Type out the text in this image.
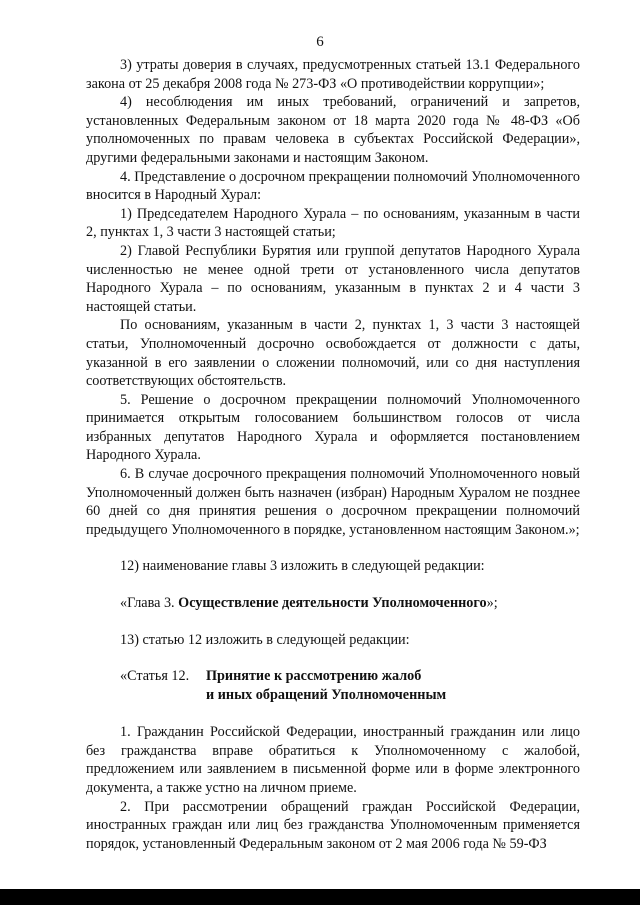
6

3) утраты доверия в случаях, предусмотренных статьей 13.1 Федерального закона от 25 декабря 2008 года № 273-ФЗ «О противодействии коррупции»;

4) несоблюдения им иных требований, ограничений и запретов, установленных Федеральным законом от 18 марта 2020 года № 48-ФЗ «Об уполномоченных по правам человека в субъектах Российской Федерации», другими федеральными законами и настоящим Законом.

4. Представление о досрочном прекращении полномочий Уполномоченного вносится в Народный Хурал:

1) Председателем Народного Хурала – по основаниям, указанным в части 2, пунктах 1, 3 части 3 настоящей статьи;

2) Главой Республики Бурятия или группой депутатов Народного Хурала численностью не менее одной трети от установленного числа депутатов Народного Хурала – по основаниям, указанным в пунктах 2 и 4 части 3 настоящей статьи.

По основаниям, указанным в части 2, пунктах 1, 3 части 3 настоящей статьи, Уполномоченный досрочно освобождается от должности с даты, указанной в его заявлении о сложении полномочий, или со дня наступления соответствующих обстоятельств.

5. Решение о досрочном прекращении полномочий Уполномоченного принимается открытым голосованием большинством голосов от числа избранных депутатов Народного Хурала и оформляется постановлением Народного Хурала.

6. В случае досрочного прекращения полномочий Уполномоченного новый Уполномоченный должен быть назначен (избран) Народным Хуралом не позднее 60 дней со дня принятия решения о досрочном прекращении полномочий предыдущего Уполномоченного в порядке, установленном настоящим Законом.»;

12) наименование главы 3 изложить в следующей редакции:

«Глава 3. Осуществление деятельности Уполномоченного»;

13) статью 12 изложить в следующей редакции:

«Статья 12. Принятие к рассмотрению жалоб
и иных обращений Уполномоченным

1. Гражданин Российской Федерации, иностранный гражданин или лицо без гражданства вправе обратиться к Уполномоченному с жалобой, предложением или заявлением в письменной форме или в форме электронного документа, а также устно на личном приеме.

2. При рассмотрении обращений граждан Российской Федерации, иностранных граждан или лиц без гражданства Уполномоченным применяется порядок, установленный Федеральным законом от 2 мая 2006 года № 59-ФЗ
